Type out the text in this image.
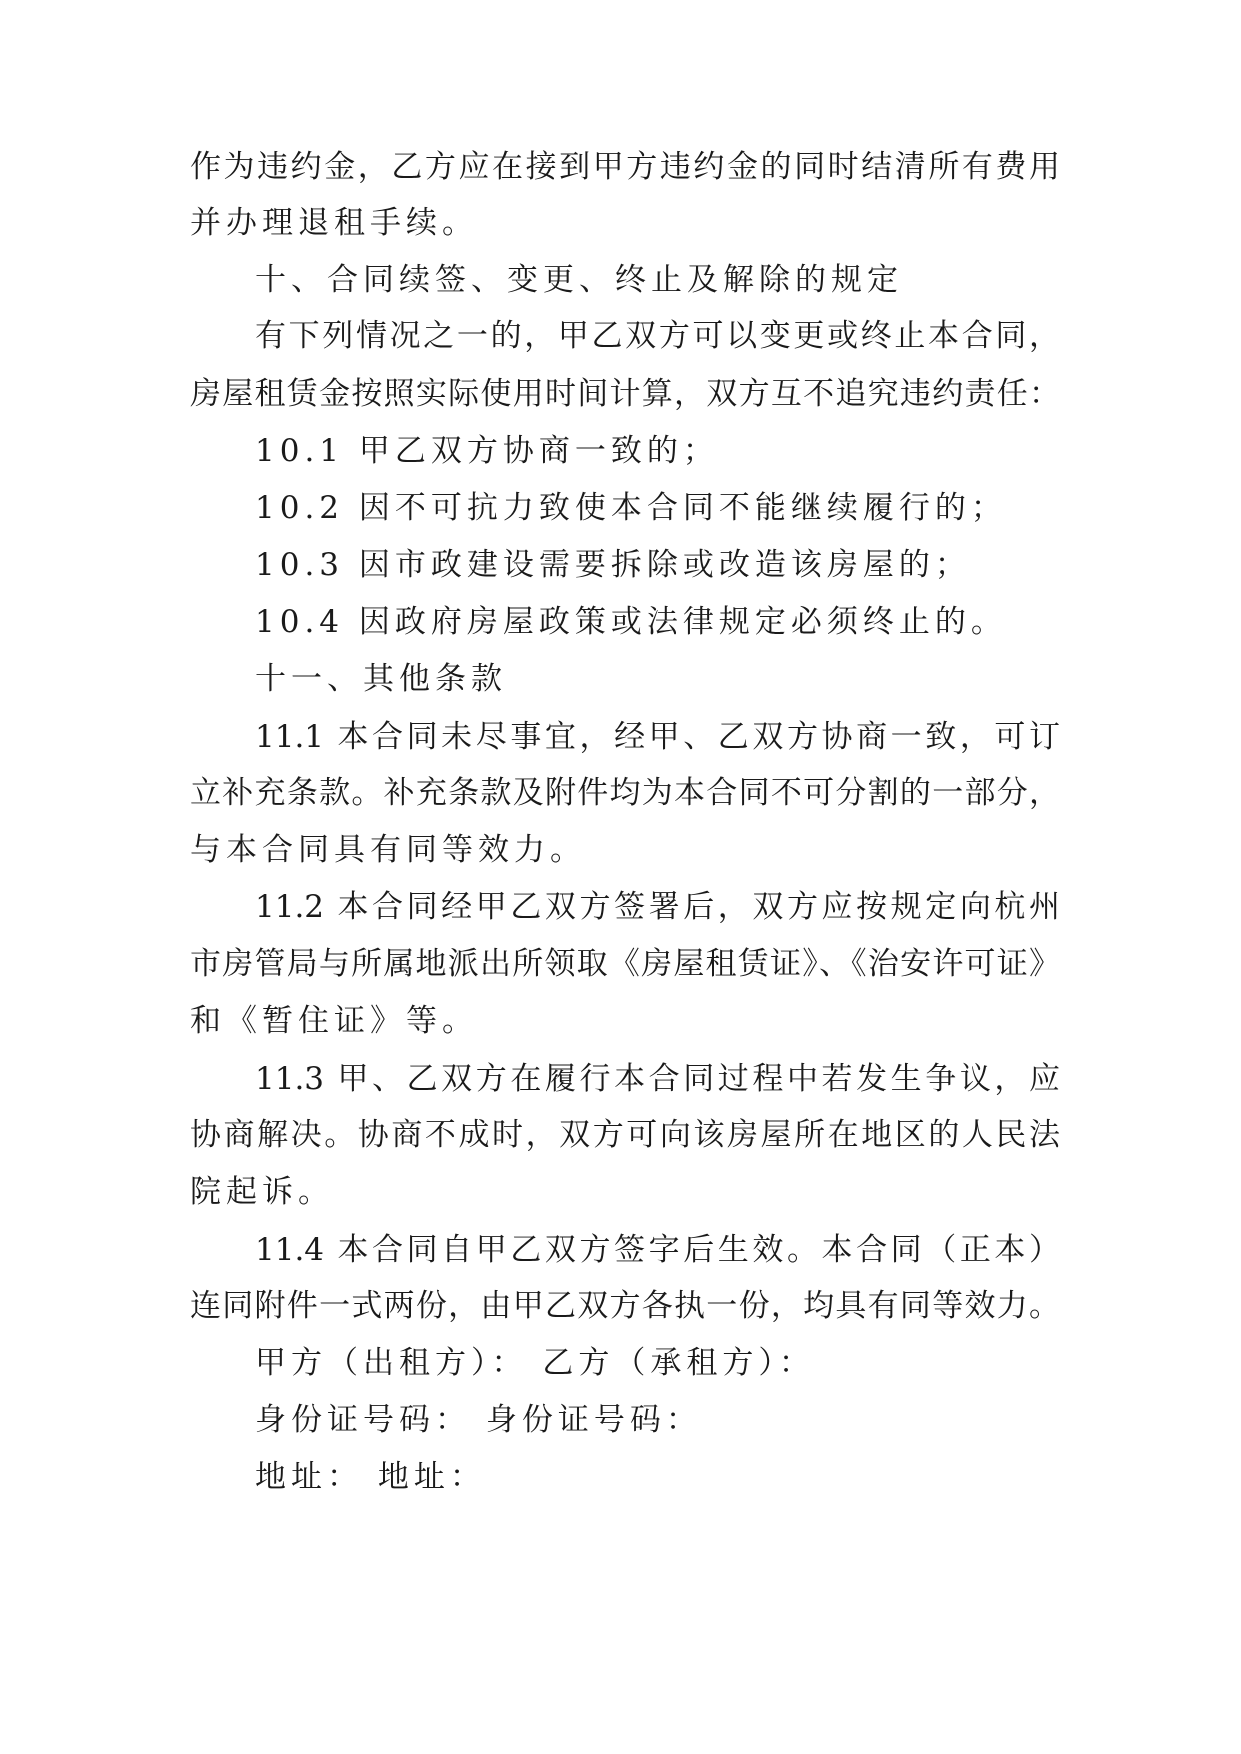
作为违约金，乙方应在接到甲方违约金的同时结清所有费用

并办理退租手续。

十、合同续签、变更、终止及解除的规定

有下列情况之一的，甲乙双方可以变更或终止本合同，

房屋租赁金按照实际使用时间计算，双方互不追究违约责任：

10.1 甲乙双方协商一致的；

10.2 因不可抗力致使本合同不能继续履行的；

10.3 因市政建设需要拆除或改造该房屋的；

10.4 因政府房屋政策或法律规定必须终止的。

十一、其他条款

11.1 本合同未尽事宜，经甲、乙双方协商一致，可订

立补充条款。补充条款及附件均为本合同不可分割的一部分，

与本合同具有同等效力。

11.2 本合同经甲乙双方签署后，双方应按规定向杭州

市房管局与所属地派出所领取《房屋租赁证》、《治安许可证》

和《暂住证》等。

11.3 甲、乙双方在履行本合同过程中若发生争议，应

协商解决。协商不成时，双方可向该房屋所在地区的人民法

院起诉。

11.4 本合同自甲乙双方签字后生效。本合同（正本）

连同附件一式两份，由甲乙双方各执一份，均具有同等效力。

甲方（出租方）： 乙方（承租方）：

身份证号码： 身份证号码：

地址： 地址：
